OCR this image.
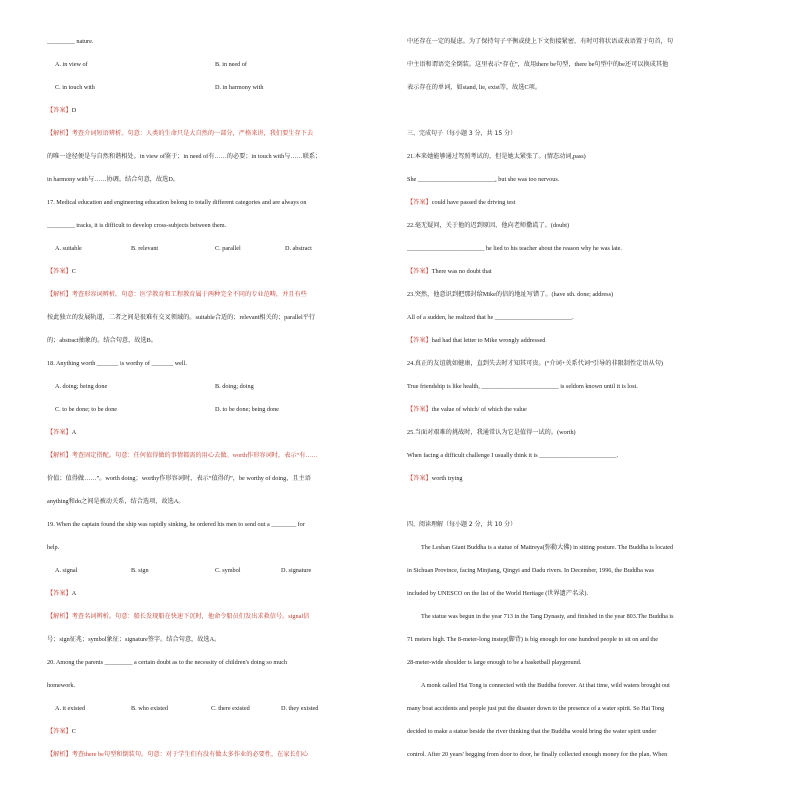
_________ nature.
A. in view of	B. in need of
C. in touch with	D. in harmony with
【答案】D
【解析】考查介词短语辨析。句意：人类的生命只是大自然的一部分，严格来讲，我们要生存下去
的唯一途径便是与自然和谐相处。in view of鉴于；in need of有……的必要；in touch with与……联系；
in harmony with与……协调。结合句意，故选D。
17. Medical education and engineering education belong to totally different categories and are always on
_________ tracks, it is difficult to develop cross-subjects between them.
A. suitable	B. relevant	C. parallel	D. abstract
【答案】C
【解析】考查形容词辨析。句意：医学教育和工程教育属于两种完全不同的专业范畴，并且有些
按此独立的发展轨道，二者之间是很难有交叉领域的。suitable合适的；relevant相关的；parallel平行
的；abstract抽象的。结合句意，故选B。
18. Anything worth _______ is worthy of _______ well.
A. doing; being done	B. doing; doing
C. to be done; to be done	D. to be done; being done
【答案】A
【解析】考查固定搭配。句意：任何值得做的事情都需的用心去做。worth作形容词时，表示“有……
价值；值得做……”。worth doing；worthy作形容词时，表示“值得的”，be worthy of doing，且主语
anything和do之间是被动关系，结合选项，故选A。
19. When the captain found the ship was rapidly sinking, he ordered his men to send out a ________ for
help.
A. signal	B. sign	C. symbol	D. signature
【答案】A
【解析】考查名词辨析。句意：船长发现船在快速下沉时，他命令船员们发出求救信号。signal信
号；sign征兆；symbol象征；signature签字。结合句意，故选A。
20. Among the parents _________ a certain doubt as to the necessity of children's doing so much
homework.
A. it existed	B. who existed	C. there existed	D. they existed
【答案】C
【解析】考查there be句型和倒装句。句意：对于学生们有没有做太多作业的必要性，在家长们心
中还存在一定的疑虑。为了保持句子平衡或使上下文衔接紧密，有时可将状语或表语置于句首，句
中主语和谓语完全倒装。这里表示“存在”，故用there be句型，there be句型中的be还可以换成其他
表示存在的单词，如stand, lie, exist等，故选C项。
三、完成句子（每小题 3 分，共 15 分）
21.本来她能够通过驾照考试的，但是她太紧张了。(情态动词,pass)
She _________________________, but she was too nervous.
【答案】could have passed the driving test
22.毫无疑问，关于他的迟到原因，他向老师撒谎了。(doubt)
_________________________ he lied to his teacher about the reason why he was late.
【答案】There was no doubt that
23.突然，他意识到把那封给Mike的信的地址写错了。(have sth. done; address)
All of a sudden, he realized that he _________________________.
【答案】had had that letter to Mike wrongly addressed
24.真正的友谊就如健康，直到失去时才知其可贵。(“介词+关系代词”引导的非限制性定语从句)
True friendship is like health, _________________________ is seldom known until it is lost.
【答案】the value of which/ of which the value
25.当面对艰难的挑战时，我通常认为它是值得一试的。(worth)
When facing a difficult challenge I usually think it is _________________________.
【答案】worth trying
四、阅读理解（每小题 2 分，共 10 分）
The Leshan Giant Buddha is a statue of Maitreya(弥勒大佛) in sitting posture. The Buddha is located
in Sichuan Province, facing Minjiang, Qingyi and Dadu rivers. In December, 1996, the Buddha was
included by UNESCO on the list of the World Heritage (世界遗产名录).
The statue was begun in the year 713 in the Tang Dynasty, and finished in the year 803.The Buddha is
71 meters high. The 8-meter-long instep(脚背) is big enough for one hundred people to sit on and the
28-meter-wide shoulder is large enough to be a basketball playground.
A monk called Hai Tong is connected with the Buddha forever. At that time, wild waters brought out
many boat accidents and people just put the disaster down to the presence of a water spirit. So Hai Tong
decided to make a statue beside the river thinking that the Buddha would bring the water spirit under
control. After 20 years' begging from door to door, he finally collected enough money for the plan. When
